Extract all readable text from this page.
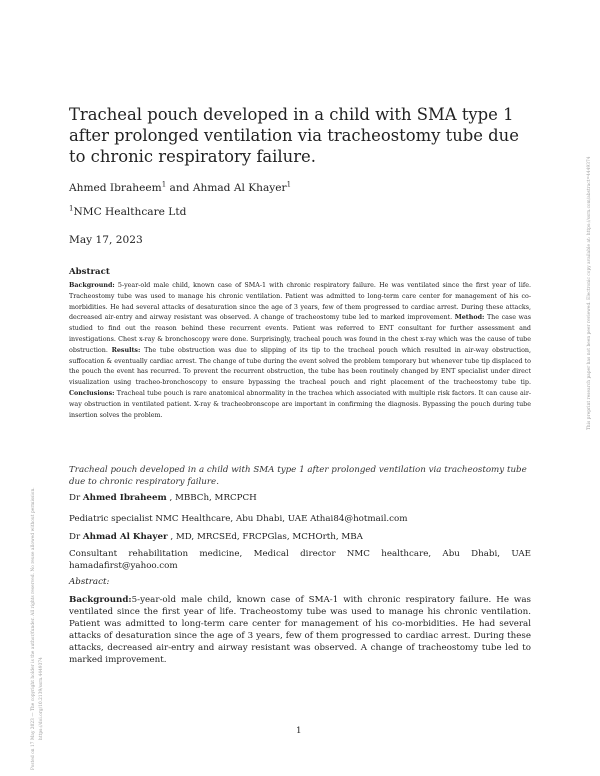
This preprint research paper has not been peer reviewed. Electronic copy available at: https://ssrn.com/abstract=4449374
Posted on 17 May 2023 — The copyright holder is the author/funder. All rights reserved. No reuse allowed without permission. https://doi.org/10.2139/ssrn.4449374
Tracheal pouch developed in a child with SMA type 1 after prolonged ventilation via tracheostomy tube due to chronic respiratory failure.
Ahmed Ibraheem$^1$ and Ahmad Al Khayer$^1$
$^1$NMC Healthcare Ltd
May 17, 2023
Abstract
Background: 5-year-old male child, known case of SMA-1 with chronic respiratory failure. He was ventilated since the first year of life. Tracheostomy tube was used to manage his chronic ventilation. Patient was admitted to long-term care center for management of his co-morbidities. He had several attacks of desaturation since the age of 3 years, few of them progressed to cardiac arrest. During these attacks, decreased air-entry and airway resistant was observed. A change of tracheostomy tube led to marked improvement. Method: The case was studied to find out the reason behind these recurrent events. Patient was referred to ENT consultant for further assessment and investigations. Chest x-ray & bronchoscopy were done. Surprisingly, tracheal pouch was found in the chest x-ray which was the cause of tube obstruction. Results: The tube obstruction was due to slipping of its tip to the tracheal pouch which resulted in air-way obstruction, suffocation & eventually cardiac arrest. The change of tube during the event solved the problem temporary but whenever tube tip displaced to the pouch the event has recurred. To prevent the recurrent obstruction, the tube has been routinely changed by ENT specialist under direct visualization using tracheo-bronchoscopy to ensure bypassing the tracheal pouch and right placement of the tracheostomy tube tip. Conclusions: Tracheal tube pouch is rare anatomical abnormality in the trachea which associated with multiple risk factors. It can cause air-way obstruction in ventilated patient. X-ray & tracheobronscope are important in confirming the diagnosis. Bypassing the pouch during tube insertion solves the problem.
Tracheal pouch developed in a child with SMA type 1 after prolonged ventilation via tracheostomy tube due to chronic respiratory failure.
Dr Ahmed Ibraheem , MBBCh, MRCPCH
Pediatric specialist NMC Healthcare, Abu Dhabi, UAE Athai84@hotmail.com
Dr Ahmad Al Khayer , MD, MRCSEd, FRCPGlas, MCHOrth, MBA
Consultant rehabilitation medicine, Medical director NMC healthcare, Abu Dhabi, UAE
hamadafirst@yahoo.com
Abstract:
Background:5-year-old male child, known case of SMA-1 with chronic respiratory failure. He was ventilated since the first year of life. Tracheostomy tube was used to manage his chronic ventilation. Patient was admitted to long-term care center for management of his co-morbidities. He had several attacks of desaturation since the age of 3 years, few of them progressed to cardiac arrest. During these attacks, decreased air-entry and airway resistant was observed. A change of tracheostomy tube led to marked improvement.
1
